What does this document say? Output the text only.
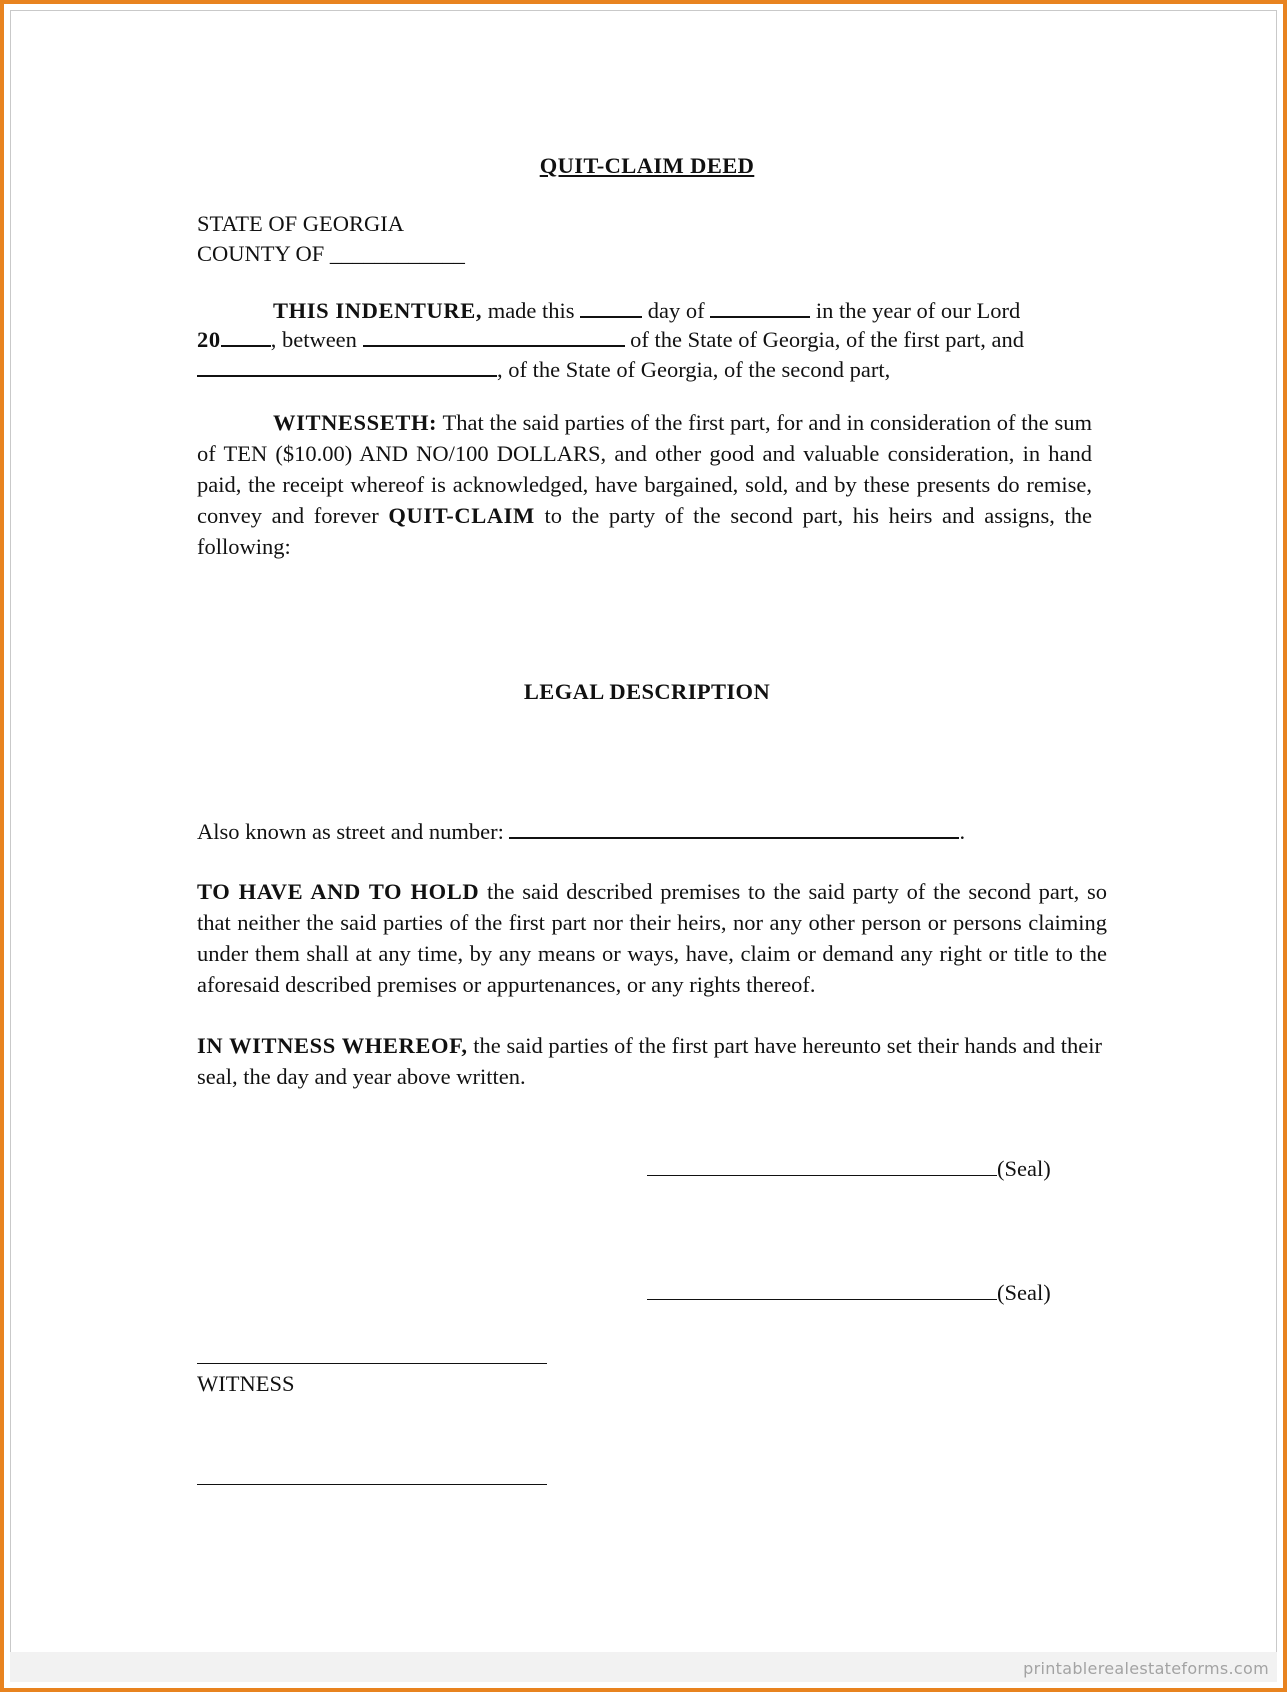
QUIT-CLAIM DEED
STATE OF GEORGIA
COUNTY OF ____________
THIS INDENTURE, made this	day of	in the year of our Lord
20 , between	of the State of Georgia, of the first part, and
, of the State of Georgia, of the second part,
WITNESSETH: That the said parties of the first part, for and in consideration of the sum of TEN ($10.00) AND NO/100 DOLLARS, and other good and valuable consideration, in hand paid, the receipt whereof is acknowledged, have bargained, sold, and by these presents do remise, convey and forever QUIT-CLAIM to the party of the second part, his heirs and assigns, the following:
LEGAL DESCRIPTION
Also known as street and number:	.
TO HAVE AND TO HOLD the said described premises to the said party of the second part, so that neither the said parties of the first part nor their heirs, nor any other person or persons claiming under them shall at any time, by any means or ways, have, claim or demand any right or title to the aforesaid described premises or appurtenances, or any rights thereof.
IN WITNESS WHEREOF, the said parties of the first part have hereunto set their hands and their seal, the day and year above written.
(Seal)
(Seal)
WITNESS
printablerealestateforms.com
